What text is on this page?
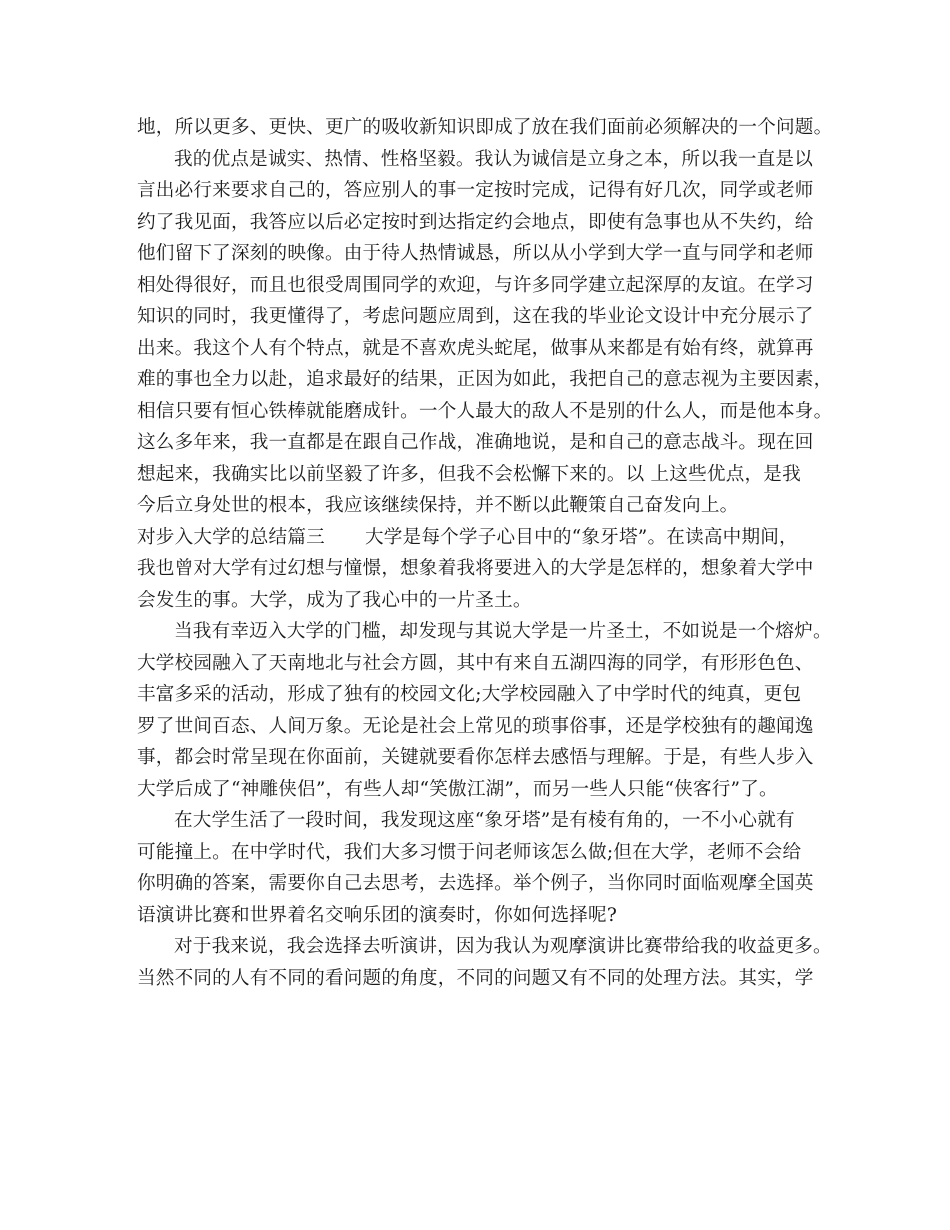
地，所以更多、更快、更广的吸收新知识即成了放在我们面前必须解决的一个问题。
我的优点是诚实、热情、性格坚毅。我认为诚信是立身之本，所以我一直是以
言出必行来要求自己的，答应别人的事一定按时完成，记得有好几次，同学或老师
约了我见面，我答应以后必定按时到达指定约会地点，即使有急事也从不失约，给
他们留下了深刻的映像。由于待人热情诚恳，所以从小学到大学一直与同学和老师
相处得很好，而且也很受周围同学的欢迎，与许多同学建立起深厚的友谊。在学习
知识的同时，我更懂得了，考虑问题应周到，这在我的毕业论文设计中充分展示了
出来。我这个人有个特点，就是不喜欢虎头蛇尾，做事从来都是有始有终，就算再
难的事也全力以赴，追求最好的结果，正因为如此，我把自己的意志视为主要因素，
相信只要有恒心铁棒就能磨成针。一个人最大的敌人不是别的什么人，而是他本身。
这么多年来，我一直都是在跟自己作战，准确地说，是和自己的意志战斗。现在回
想起来，我确实比以前坚毅了许多，但我不会松懈下来的。以 上这些优点，是我
今后立身处世的根本，我应该继续保持，并不断以此鞭策自己奋发向上。
对步入大学的总结篇三 大学是每个学子心目中的“象牙塔”。在读高中期间，
我也曾对大学有过幻想与憧憬，想象着我将要进入的大学是怎样的，想象着大学中
会发生的事。大学，成为了我心中的一片圣土。
当我有幸迈入大学的门槛，却发现与其说大学是一片圣土，不如说是一个熔炉。
大学校园融入了天南地北与社会方圆，其中有来自五湖四海的同学，有形形色色、
丰富多采的活动，形成了独有的校园文化;大学校园融入了中学时代的纯真，更包
罗了世间百态、人间万象。无论是社会上常见的琐事俗事，还是学校独有的趣闻逸
事，都会时常呈现在你面前，关键就要看你怎样去感悟与理解。于是，有些人步入
大学后成了“神雕侠侣”，有些人却“笑傲江湖”，而另一些人只能“侠客行”了。
在大学生活了一段时间，我发现这座“象牙塔”是有棱有角的，一不小心就有
可能撞上。在中学时代，我们大多习惯于问老师该怎么做;但在大学，老师不会给
你明确的答案，需要你自己去思考，去选择。举个例子，当你同时面临观摩全国英
语演讲比赛和世界着名交响乐团的演奏时，你如何选择呢?
对于我来说，我会选择去听演讲，因为我认为观摩演讲比赛带给我的收益更多。
当然不同的人有不同的看问题的角度，不同的问题又有不同的处理方法。其实，学
